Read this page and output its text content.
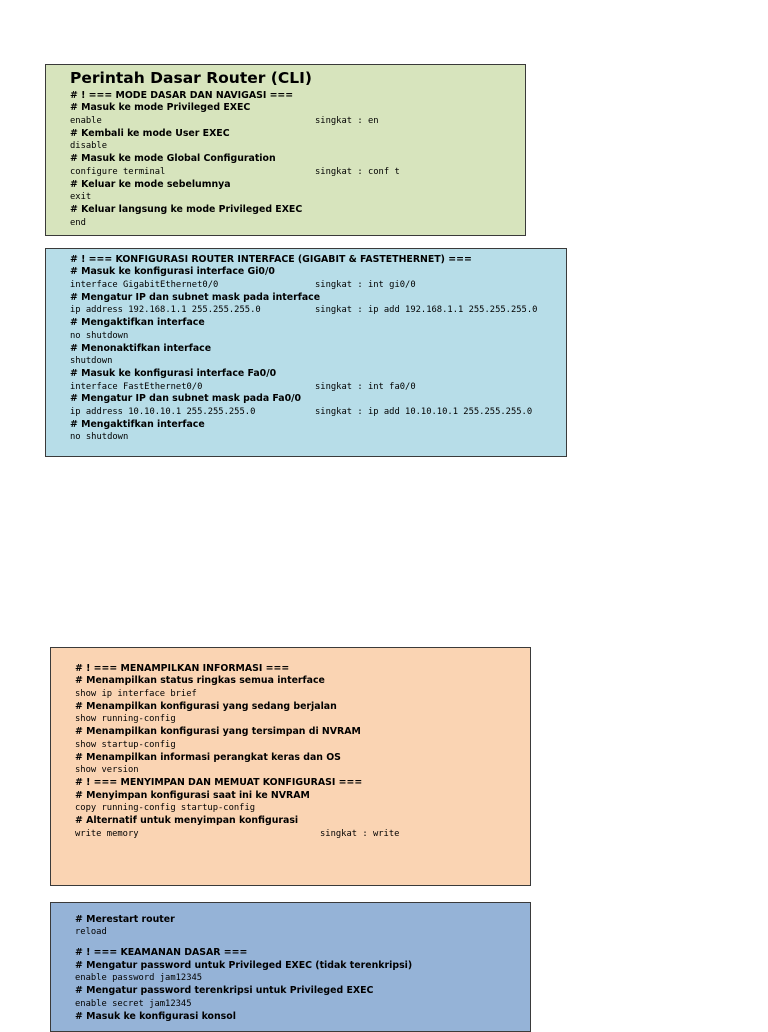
Perintah Dasar Router (CLI)
# ! === MODE DASAR DAN NAVIGASI ===
# Masuk ke mode Privileged EXEC
enable	singkat : en
# Kembali ke mode User EXEC
disable
# Masuk ke mode Global Configuration
configure terminal	singkat : conf t
# Keluar ke mode sebelumnya
exit
# Keluar langsung ke mode Privileged EXEC
end
# ! === KONFIGURASI ROUTER INTERFACE (GIGABIT & FASTETHERNET) ===
# Masuk ke konfigurasi interface Gi0/0
interface GigabitEthernet0/0	singkat : int gi0/0
# Mengatur IP dan subnet mask pada interface
ip address 192.168.1.1 255.255.255.0	singkat : ip add 192.168.1.1 255.255.255.0
# Mengaktifkan interface
no shutdown
# Menonaktifkan interface
shutdown
# Masuk ke konfigurasi interface Fa0/0
interface FastEthernet0/0	singkat : int fa0/0
# Mengatur IP dan subnet mask pada Fa0/0
ip address 10.10.10.1 255.255.255.0	singkat : ip add 10.10.10.1 255.255.255.0
# Mengaktifkan interface
no shutdown
# ! === MENAMPILKAN INFORMASI ===
# Menampilkan status ringkas semua interface
show ip interface brief
# Menampilkan konfigurasi yang sedang berjalan
show running-config
# Menampilkan konfigurasi yang tersimpan di NVRAM
show startup-config
# Menampilkan informasi perangkat keras dan OS
show version
# ! === MENYIMPAN DAN MEMUAT KONFIGURASI ===
# Menyimpan konfigurasi saat ini ke NVRAM
copy running-config startup-config
# Alternatif untuk menyimpan konfigurasi
write memory	singkat : write
# Merestart router
reload
# ! === KEAMANAN DASAR ===
# Mengatur password untuk Privileged EXEC (tidak terenkripsi)
enable password jam12345
# Mengatur password terenkripsi untuk Privileged EXEC
enable secret jam12345
# Masuk ke konfigurasi konsol
